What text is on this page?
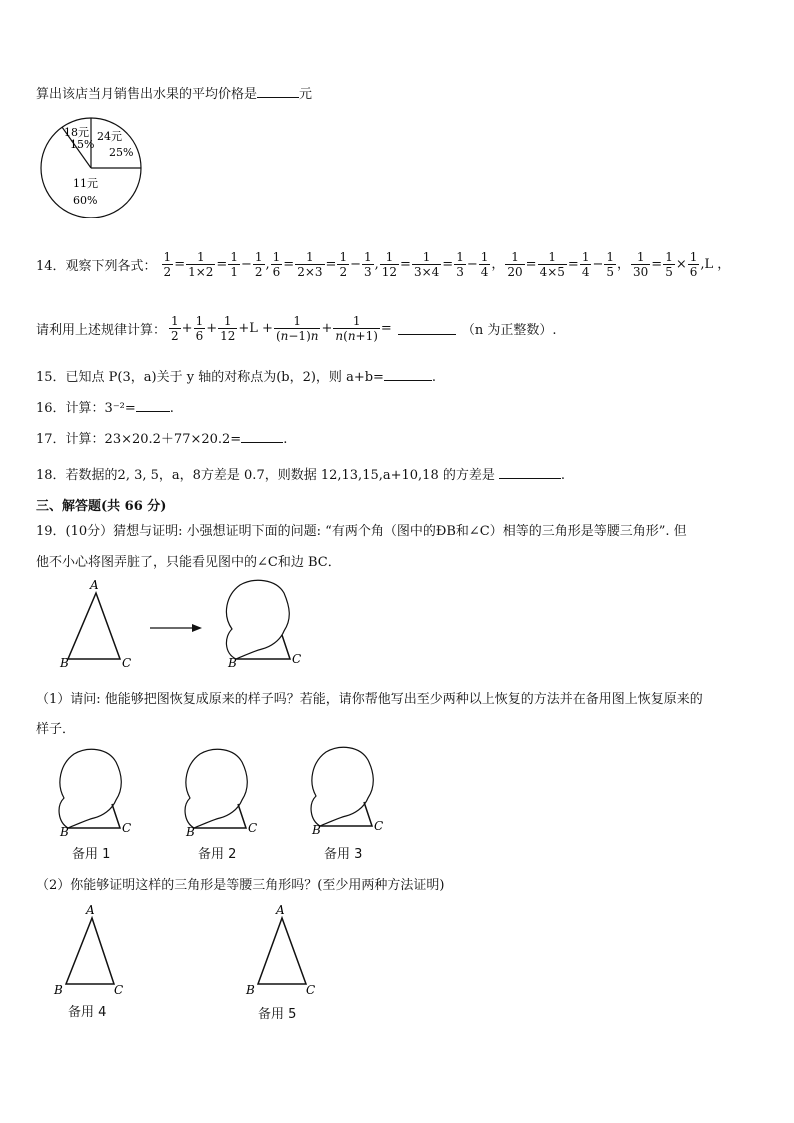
算出该店当月销售出水果的平均价格是	元
18元
15%
24元
25%
11元
60%
14．观察下列各式： $\frac{1}{2} = \frac{1}{1\times 2} = \frac{1}{1} - \frac{1}{2}$ , $\frac{1}{6} = \frac{1}{2\times 3} = \frac{1}{2} - \frac{1}{3}$ , $\frac{1}{12} = \frac{1}{3\times 4} = \frac{1}{3} - \frac{1}{4}$ ， $\frac{1}{20} = \frac{1}{4\times 5} = \frac{1}{4} - \frac{1}{5}$ ， $\frac{1}{30} = \frac{1}{5} \times \frac{1}{6} ,L$ ，
请利用上述规律计算： $\frac{1}{2} + \frac{1}{6} + \frac{1}{12} +L + \frac{1}{(n-1)n} + \frac{1}{n(n+1)}$ =	（n 为正整数）.
15．已知点 P(3，a)关于 y 轴的对称点为(b，2)，则 a+b=	.
16．计算：3⁻²=	.
17．计算：23×20.2＋77×20.2=	.
18．若数据的2, 3, 5，a，8方差是 0.7，则数据 12,13,15,a+10,18 的方差是	.
三、解答题(共 66 分)
19．(10分）猜想与证明: 小强想证明下面的问题: “有两个角（图中的ÐB和∠C）相等的三角形是等腰三角形”. 但
他不小心将图弄脏了，只能看见图中的∠C和边 BC．
A
B	C	B	C
（1）请问: 他能够把图恢复成原来的样子吗？若能，请你帮他写出至少两种以上恢复的方法并在备用图上恢复原来的
样子．
B	C
备用 1
B	C
备用 2
B	C
备用 3
（2）你能够证明这样的三角形是等腰三角形吗？(至少用两种方法证明)
A
B	C
备用 4
A
B	C
备用 5
